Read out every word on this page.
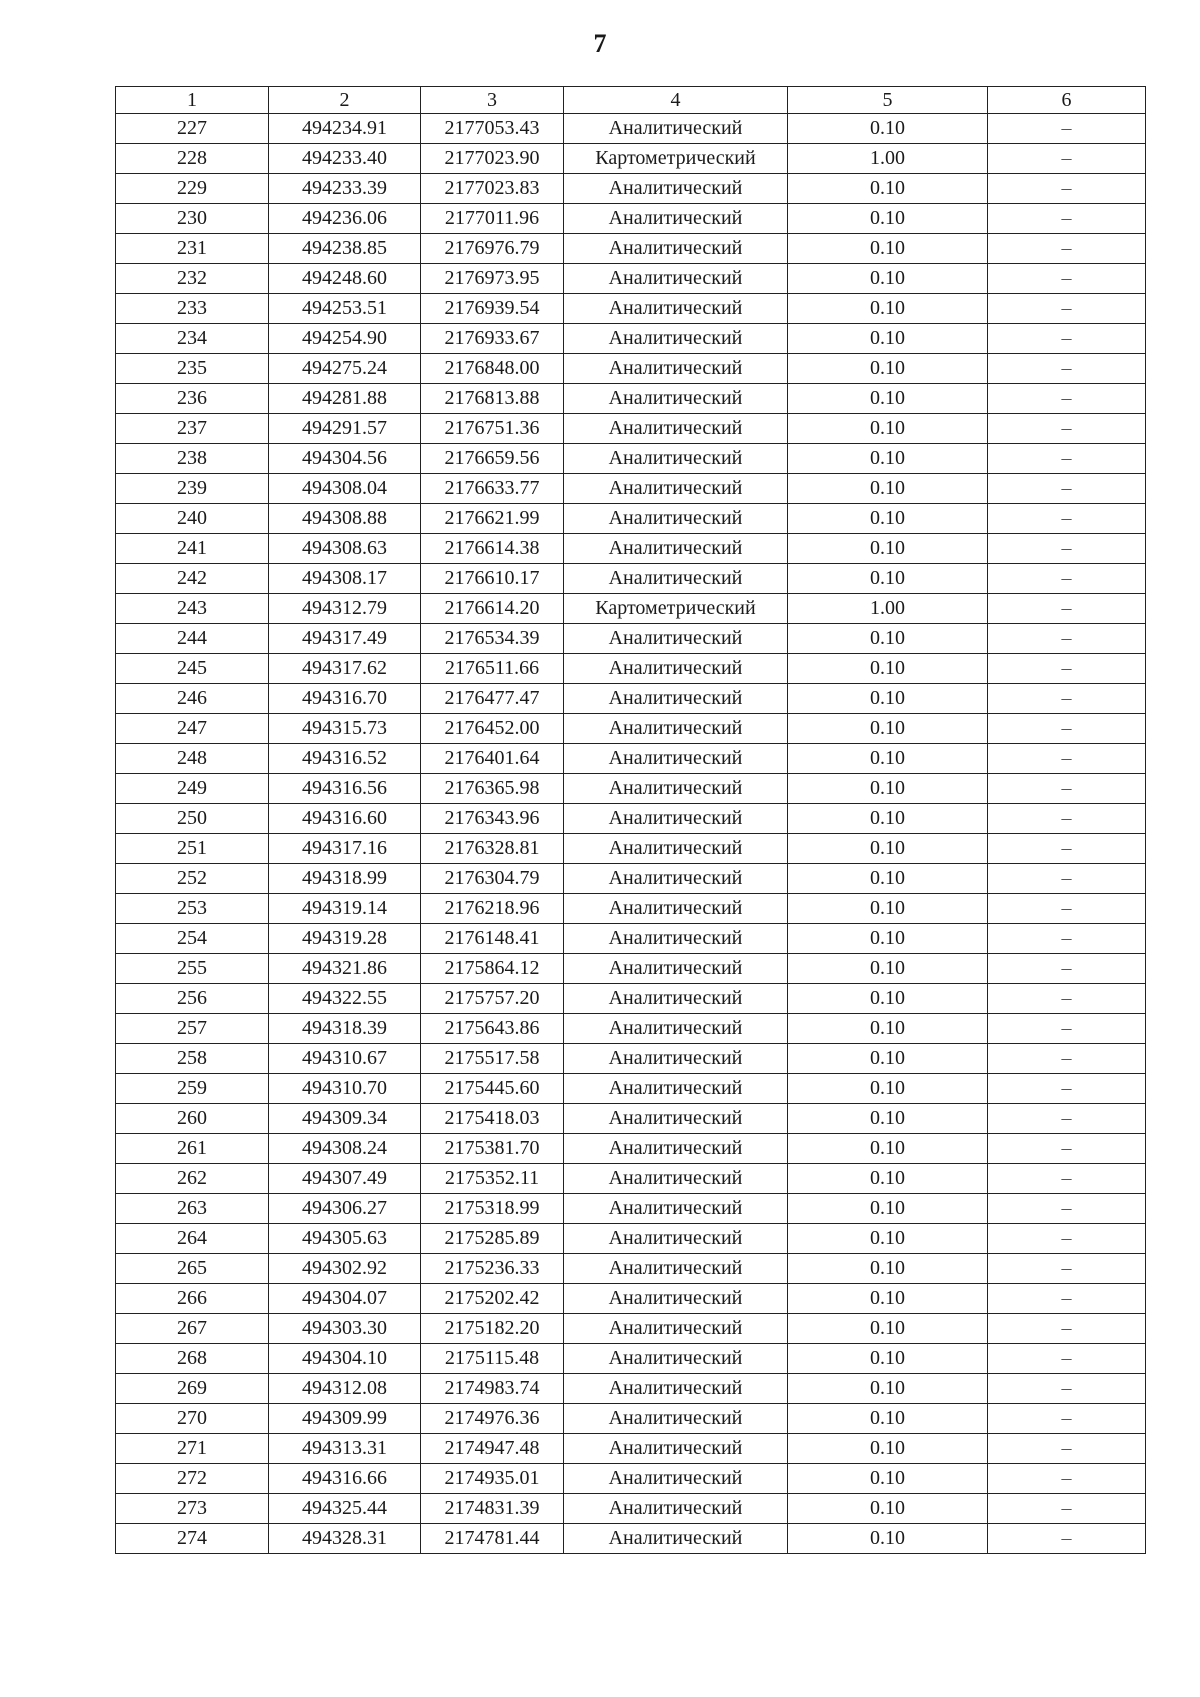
7
1	2	3	4	5	6
227	494234.91	2177053.43	Аналитический	0.10	–
228	494233.40	2177023.90	Картометрический	1.00	–
229	494233.39	2177023.83	Аналитический	0.10	–
230	494236.06	2177011.96	Аналитический	0.10	–
231	494238.85	2176976.79	Аналитический	0.10	–
232	494248.60	2176973.95	Аналитический	0.10	–
233	494253.51	2176939.54	Аналитический	0.10	–
234	494254.90	2176933.67	Аналитический	0.10	–
235	494275.24	2176848.00	Аналитический	0.10	–
236	494281.88	2176813.88	Аналитический	0.10	–
237	494291.57	2176751.36	Аналитический	0.10	–
238	494304.56	2176659.56	Аналитический	0.10	–
239	494308.04	2176633.77	Аналитический	0.10	–
240	494308.88	2176621.99	Аналитический	0.10	–
241	494308.63	2176614.38	Аналитический	0.10	–
242	494308.17	2176610.17	Аналитический	0.10	–
243	494312.79	2176614.20	Картометрический	1.00	–
244	494317.49	2176534.39	Аналитический	0.10	–
245	494317.62	2176511.66	Аналитический	0.10	–
246	494316.70	2176477.47	Аналитический	0.10	–
247	494315.73	2176452.00	Аналитический	0.10	–
248	494316.52	2176401.64	Аналитический	0.10	–
249	494316.56	2176365.98	Аналитический	0.10	–
250	494316.60	2176343.96	Аналитический	0.10	–
251	494317.16	2176328.81	Аналитический	0.10	–
252	494318.99	2176304.79	Аналитический	0.10	–
253	494319.14	2176218.96	Аналитический	0.10	–
254	494319.28	2176148.41	Аналитический	0.10	–
255	494321.86	2175864.12	Аналитический	0.10	–
256	494322.55	2175757.20	Аналитический	0.10	–
257	494318.39	2175643.86	Аналитический	0.10	–
258	494310.67	2175517.58	Аналитический	0.10	–
259	494310.70	2175445.60	Аналитический	0.10	–
260	494309.34	2175418.03	Аналитический	0.10	–
261	494308.24	2175381.70	Аналитический	0.10	–
262	494307.49	2175352.11	Аналитический	0.10	–
263	494306.27	2175318.99	Аналитический	0.10	–
264	494305.63	2175285.89	Аналитический	0.10	–
265	494302.92	2175236.33	Аналитический	0.10	–
266	494304.07	2175202.42	Аналитический	0.10	–
267	494303.30	2175182.20	Аналитический	0.10	–
268	494304.10	2175115.48	Аналитический	0.10	–
269	494312.08	2174983.74	Аналитический	0.10	–
270	494309.99	2174976.36	Аналитический	0.10	–
271	494313.31	2174947.48	Аналитический	0.10	–
272	494316.66	2174935.01	Аналитический	0.10	–
273	494325.44	2174831.39	Аналитический	0.10	–
274	494328.31	2174781.44	Аналитический	0.10	–
